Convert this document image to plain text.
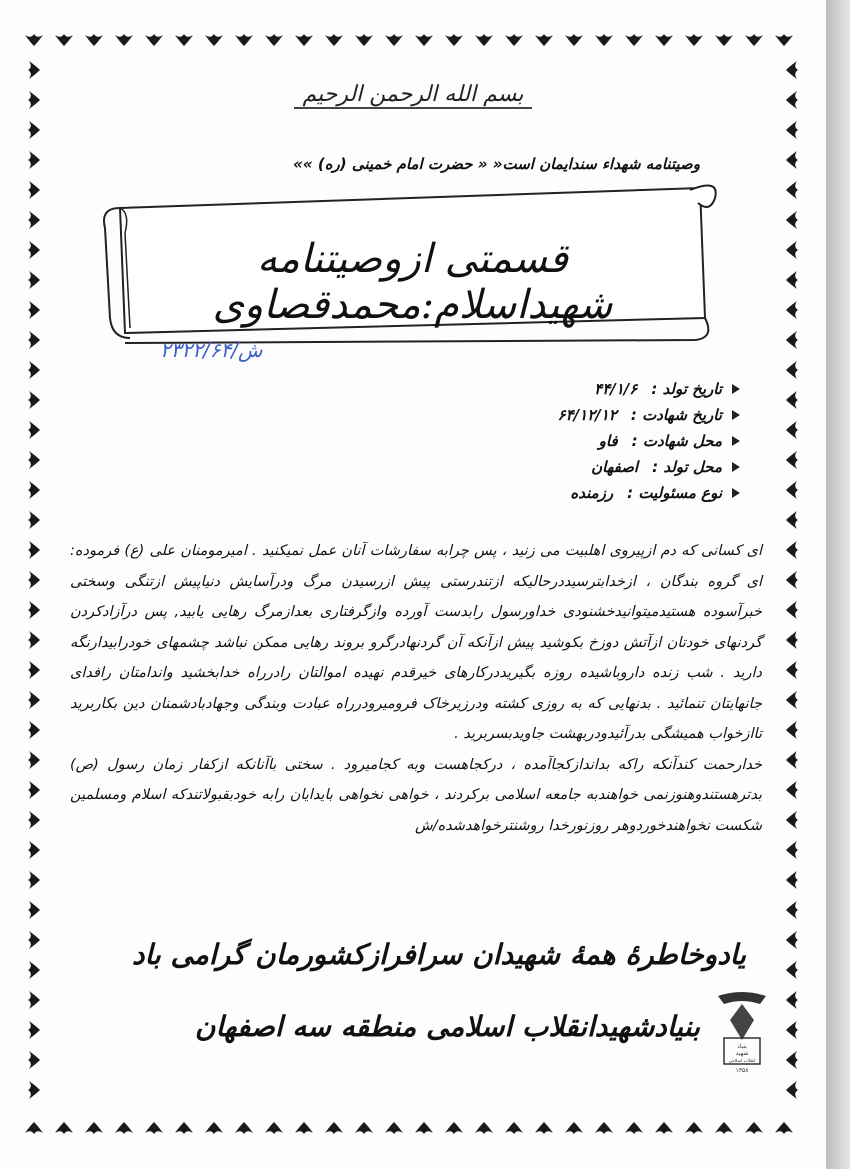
بسم الله الرحمن الرحیم
وصیتنامه شهداء سندایمان است« « حضرت امام خمینی (ره) »»
قسمتی ازوصیتنامه شهیداسلام:محمدقصاوی
ش/۲۳۲۲/۶۴
تاریخ تولد :
۴۴/۱/۶
تاریخ شهادت :
۶۴/۱۲/۱۲
محل شهادت :
فاو
محل تولد :
اصفهان
نوع مسئولیت :
رزمنده

ای کسانی که دم ازپیروی اهلبیت می زنید ، پس چرابه سفارشات آنان عمل نمیکنید . امیرمومنان علی (ع) فرموده: ای گروه بندگان ، ازخدابترسیددرحالیکه ازتندرستی پیش ازرسیدن مرگ ودرآسایش دنیاپیش ازتنگی وسختی خبرآسوده هستیدمیتوانیدخشنودی خداورسول رابدست آورده وازگرفتاری بعدازمرگ رهایی یابید, پس درآزادکردن گردنهای خودتان ازآتش دوزخ بکوشید پیش ازآنکه آن گردنهادرگرو بروند رهایی ممکن نباشد چشمهای خودرابیدارنگه دارید . شب زنده داروباشیده روزه بگیریددرکارهای خیرقدم نهیده اموالتان رادرراه خدابخشید واندامتان رافدای جانهایتان تنمائید . بدنهایی که به روزی کشته ودرزیرخاک فرومیرودرراه عبادت وبندگی وجهادبادشمنان دین بکاربرید تاازخواب همیشگی بدرآئیدودربهشت جاویدبسربرید .

خدارحمت کندآنکه راکه بداندازکجاآمده ، درکجاهست وبه کجامیرود . سختی باآنانکه ازکفار زمان رسول (ص) بدترهستندوهنوزنمی خواهندبه جامعه اسلامی برکردند ، خواهی نخواهی بایدایان رابه خودبقبولاتندکه اسلام ومسلمین شکست نخواهندخوردوهر روزنورخدا روشنترخواهدشده/ش

یادوخاطرهٔ همهٔ شهیدان سرافرازکشورمان گرامی باد
بنیادشهیدانقلاب اسلامی منطقه سه اصفهان
بنیاد
شهید
انقلاب اسلامی
۱۳۵۸
